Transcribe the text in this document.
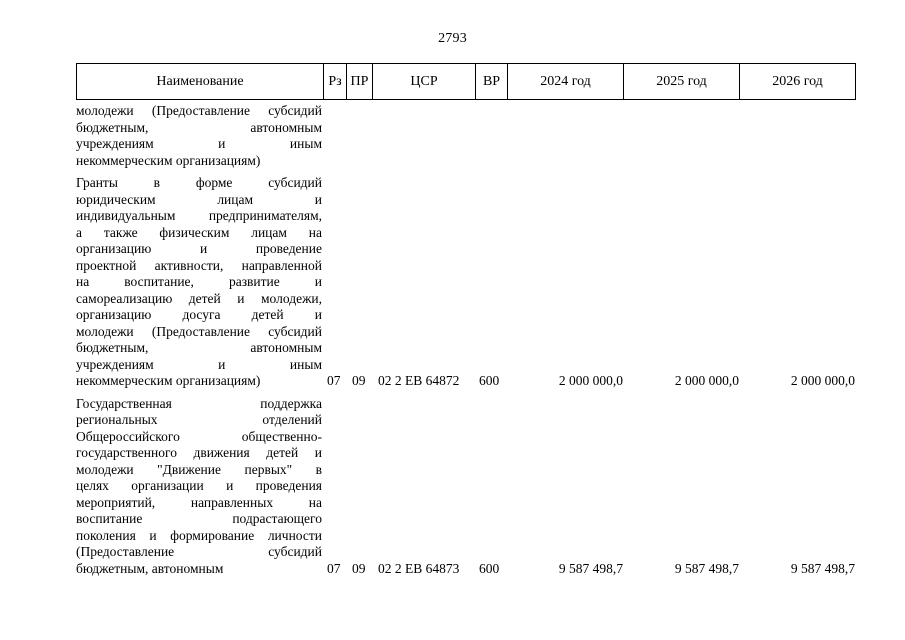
2793
Наименование	Рз	ПР	ЦСР	ВР	2024 год	2025 год	2026 год
молодежи (Предоставление субсидий
бюджетным, автономным
учреждениям и иным
некоммерческим организациям)
Гранты в форме субсидий
юридическим лицам и
индивидуальным предпринимателям,
а также физическим лицам на
организацию и проведение
проектной активности, направленной
на воспитание, развитие и
самореализацию детей и молодежи,
организацию досуга детей и
молодежи (Предоставление субсидий
бюджетным, автономным
учреждениям и иным
некоммерческим организациям)	07 09 02 2 ЕВ 64872 600	2 000 000,0	2 000 000,0	2 000 000,0
Государственная поддержка
региональных отделений
Общероссийского общественно-
государственного движения детей и
молодежи "Движение первых" в
целях организации и проведения
мероприятий, направленных на
воспитание подрастающего
поколения и формирование личности
(Предоставление субсидий
бюджетным, автономным	07 09 02 2 ЕВ 64873 600	9 587 498,7	9 587 498,7	9 587 498,7
